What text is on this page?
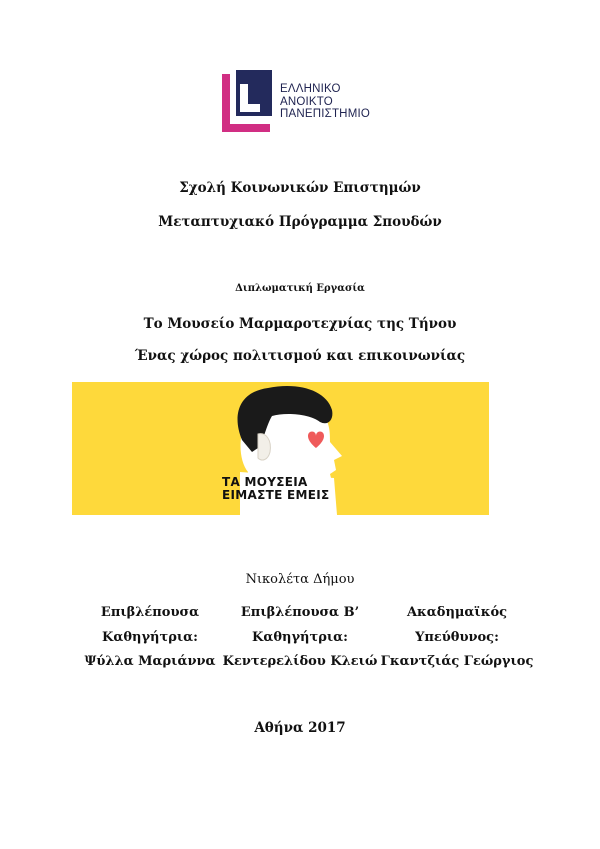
ΕΛΛΗΝΙΚΟ
ΑΝΟΙΚΤΟ
ΠΑΝΕΠΙΣΤΗΜΙΟ
Σχολή Κοινωνικών Επιστημών
Μεταπτυχιακό Πρόγραμμα Σπουδών
Διπλωματική Εργασία
Το Μουσείο Μαρμαροτεχνίας της Τήνου
Ένας χώρος πολιτισμού και επικοινωνίας
ΤΑ ΜΟΥΣΕΙΑ
ΕΙΜΑΣΤΕ ΕΜΕΙΣ
Νικολέτα Δήμου
Επιβλέπουσα
Καθηγήτρια:
Ψύλλα Μαριάννα
Επιβλέπουσα Β’
Καθηγήτρια:
Κεντερελίδου Κλειώ
Ακαδημαϊκός
Υπεύθυνος:
Γκαντζιάς Γεώργιος
Αθήνα 2017
